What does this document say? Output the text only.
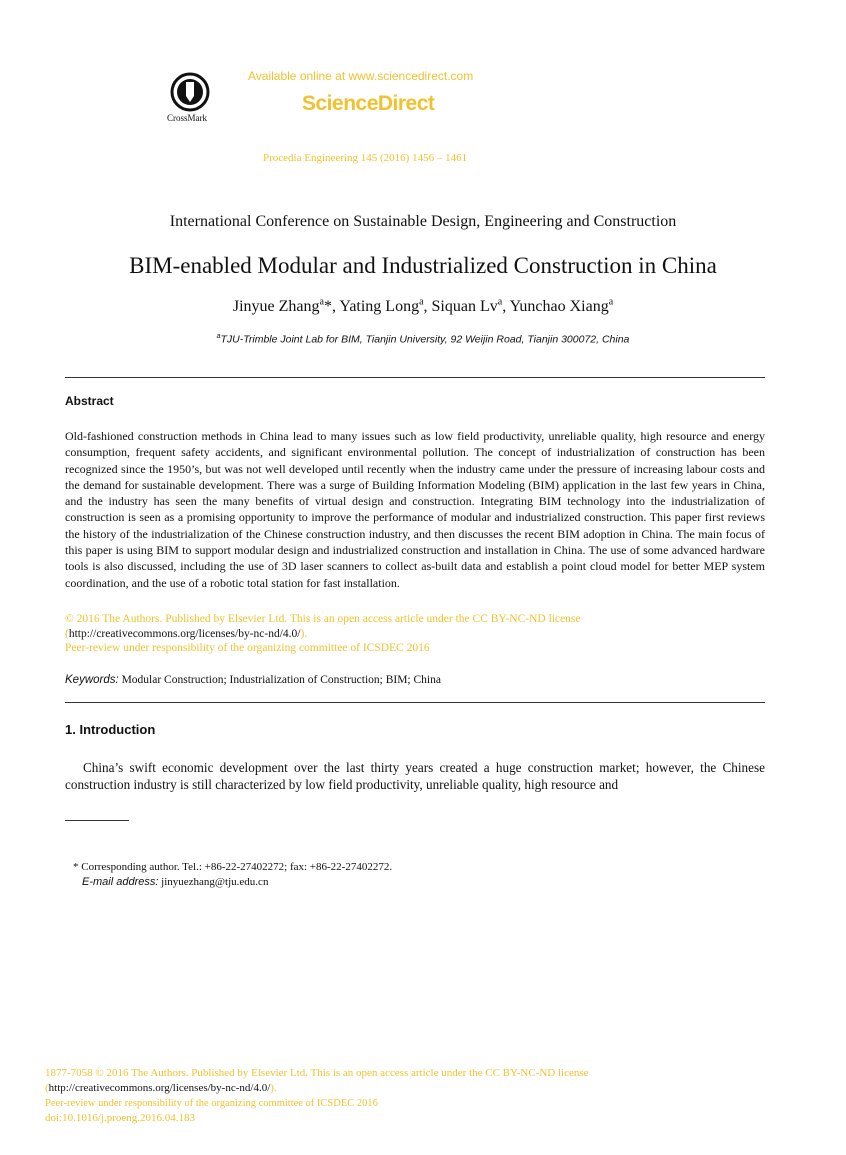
CrossMark
Available online at www.sciencedirect.com
ScienceDirect
Procedia Engineering 145 (2016) 1456 – 1461
International Conference on Sustainable Design, Engineering and Construction
BIM-enabled Modular and Industrialized Construction in China
Jinyue Zhang$^a$*, Yating Long$^a$, Siquan Lv$^a$, Yunchao Xiang$^a$
$^a$TJU-Trimble Joint Lab for BIM, Tianjin University, 92 Weijin Road, Tianjin 300072, China
Abstract
Old-fashioned construction methods in China lead to many issues such as low field productivity, unreliable quality, high resource and energy consumption, frequent safety accidents, and significant environmental pollution. The concept of industrialization of construction has been recognized since the 1950’s, but was not well developed until recently when the industry came under the pressure of increasing labour costs and the demand for sustainable development. There was a surge of Building Information Modeling (BIM) application in the last few years in China, and the industry has seen the many benefits of virtual design and construction. Integrating BIM technology into the industrialization of construction is seen as a promising opportunity to improve the performance of modular and industrialized construction. This paper first reviews the history of the industrialization of the Chinese construction industry, and then discusses the recent BIM adoption in China. The main focus of this paper is using BIM to support modular design and industrialized construction and installation in China. The use of some advanced hardware tools is also discussed, including the use of 3D laser scanners to collect as-built data and establish a point cloud model for better MEP system coordination, and the use of a robotic total station for fast installation.
© 2016 The Authors. Published by Elsevier Ltd. This is an open access article under the CC BY-NC-ND license
(http://creativecommons.org/licenses/by-nc-nd/4.0/).
Peer-review under responsibility of the organizing committee of ICSDEC 2016
Keywords: Modular Construction; Industrialization of Construction; BIM; China
1. Introduction
China’s swift economic development over the last thirty years created a huge construction market; however, the Chinese construction industry is still characterized by low field productivity, unreliable quality, high resource and
* Corresponding author. Tel.: +86-22-27402272; fax: +86-22-27402272.
E-mail address: jinyuezhang@tju.edu.cn
1877-7058 © 2016 The Authors. Published by Elsevier Ltd. This is an open access article under the CC BY-NC-ND license
(http://creativecommons.org/licenses/by-nc-nd/4.0/).
Peer-review under responsibility of the organizing committee of ICSDEC 2016
doi:10.1016/j.proeng.2016.04.183
